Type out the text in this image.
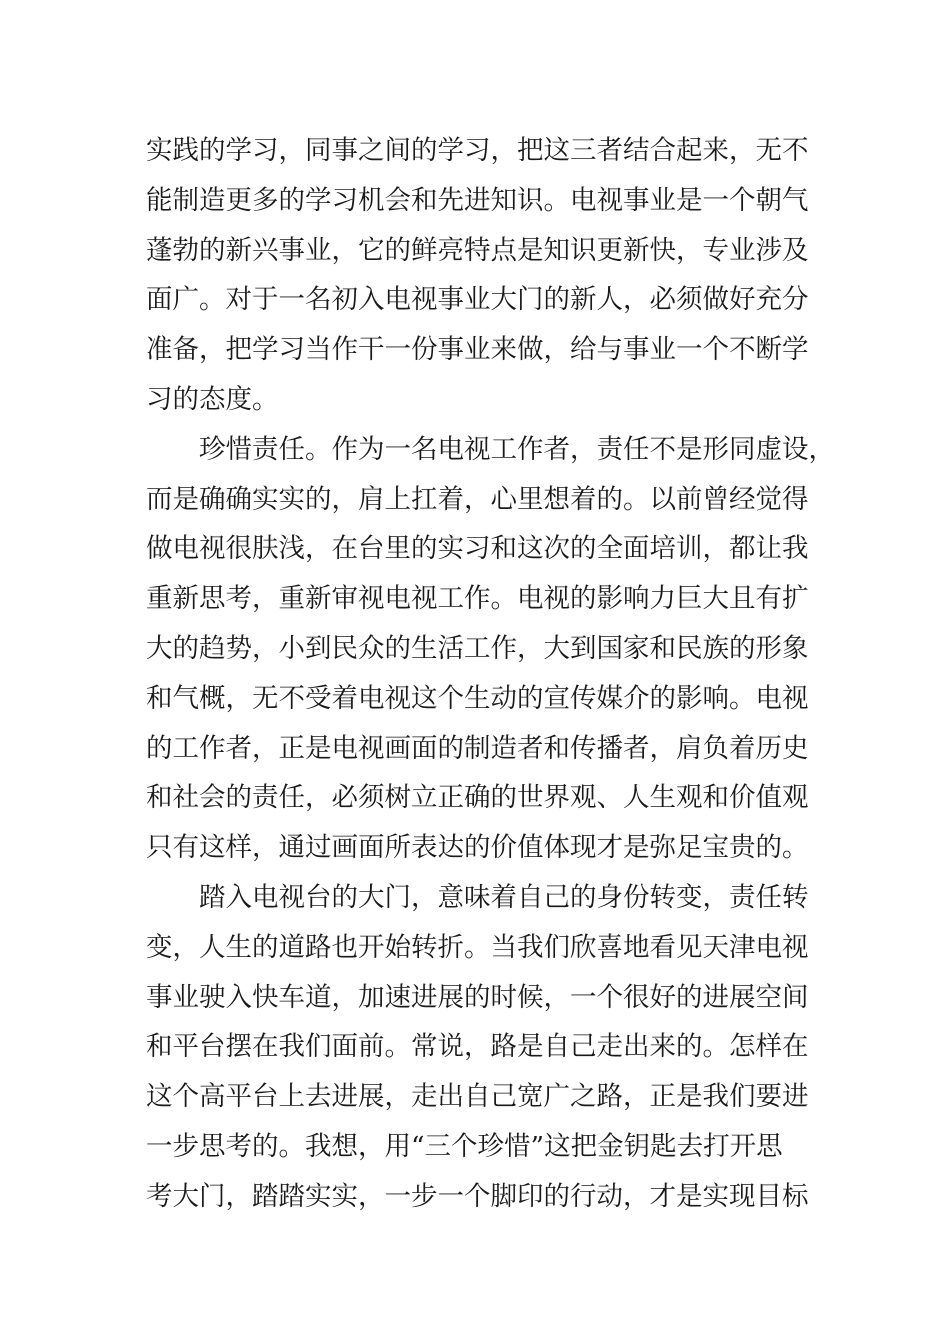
实践的学习，同事之间的学习，把这三者结合起来，无不
能制造更多的学习机会和先进知识。电视事业是一个朝气
蓬勃的新兴事业，它的鲜亮特点是知识更新快，专业涉及
面广。对于一名初入电视事业大门的新人，必须做好充分
准备，把学习当作干一份事业来做，给与事业一个不断学
习的态度。
珍惜责任。作为一名电视工作者，责任不是形同虚设，
而是确确实实的，肩上扛着，心里想着的。以前曾经觉得
做电视很肤浅，在台里的实习和这次的全面培训，都让我
重新思考，重新审视电视工作。电视的影响力巨大且有扩
大的趋势，小到民众的生活工作，大到国家和民族的形象
和气概，无不受着电视这个生动的宣传媒介的影响。电视
的工作者，正是电视画面的制造者和传播者，肩负着历史
和社会的责任，必须树立正确的世界观、人生观和价值观
只有这样，通过画面所表达的价值体现才是弥足宝贵的。
踏入电视台的大门，意味着自己的身份转变，责任转
变，人生的道路也开始转折。当我们欣喜地看见天津电视
事业驶入快车道，加速进展的时候，一个很好的进展空间
和平台摆在我们面前。常说，路是自己走出来的。怎样在
这个高平台上去进展，走出自己宽广之路，正是我们要进
一步思考的。我想，用“三个珍惜”这把金钥匙去打开思
考大门，踏踏实实，一步一个脚印的行动，才是实现目标
